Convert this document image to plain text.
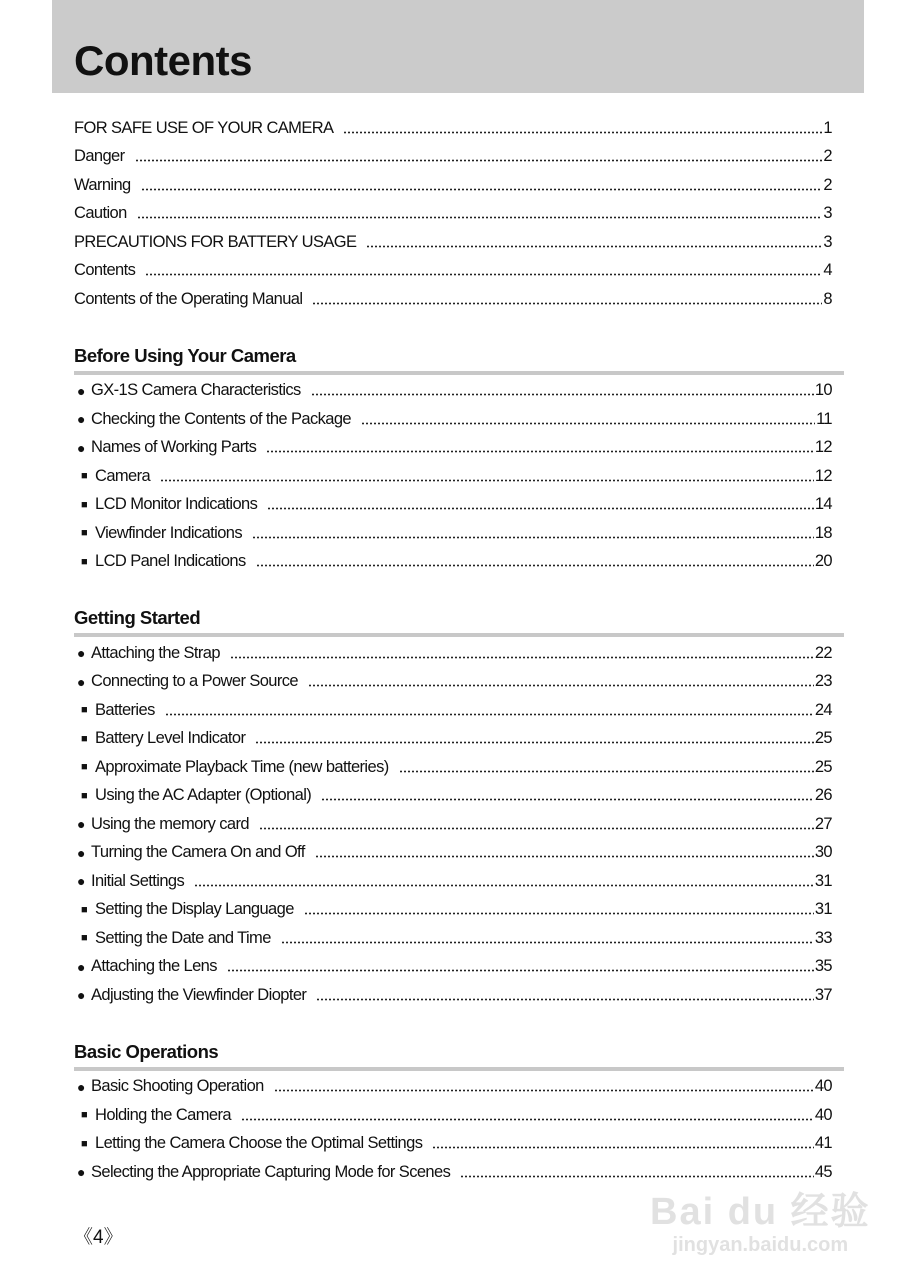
Contents
FOR SAFE USE OF YOUR CAMERA	1
Danger	2
Warning	2
Caution	3
PRECAUTIONS FOR BATTERY USAGE	3
Contents	4
Contents of the Operating Manual	8
Before Using Your Camera
● GX-1S Camera Characteristics	10
● Checking the Contents of the Package	11
● Names of Working Parts	12
■ Camera	12
■ LCD Monitor Indications	14
■ Viewfinder Indications	18
■ LCD Panel Indications	20
Getting Started
● Attaching the Strap	22
● Connecting to a Power Source	23
■ Batteries	24
■ Battery Level Indicator	25
■ Approximate Playback Time (new batteries)	25
■ Using the AC Adapter (Optional)	26
● Using the memory card	27
● Turning the Camera On and Off	30
● Initial Settings	31
■ Setting the Display Language	31
■ Setting the Date and Time	33
● Attaching the Lens	35
● Adjusting the Viewfinder Diopter	37
Basic Operations
● Basic Shooting Operation	40
■ Holding the Camera	40
■ Letting the Camera Choose the Optimal Settings	41
● Selecting the Appropriate Capturing Mode for Scenes	45
《4》
Bai du 经验
jingyan.baidu.com
